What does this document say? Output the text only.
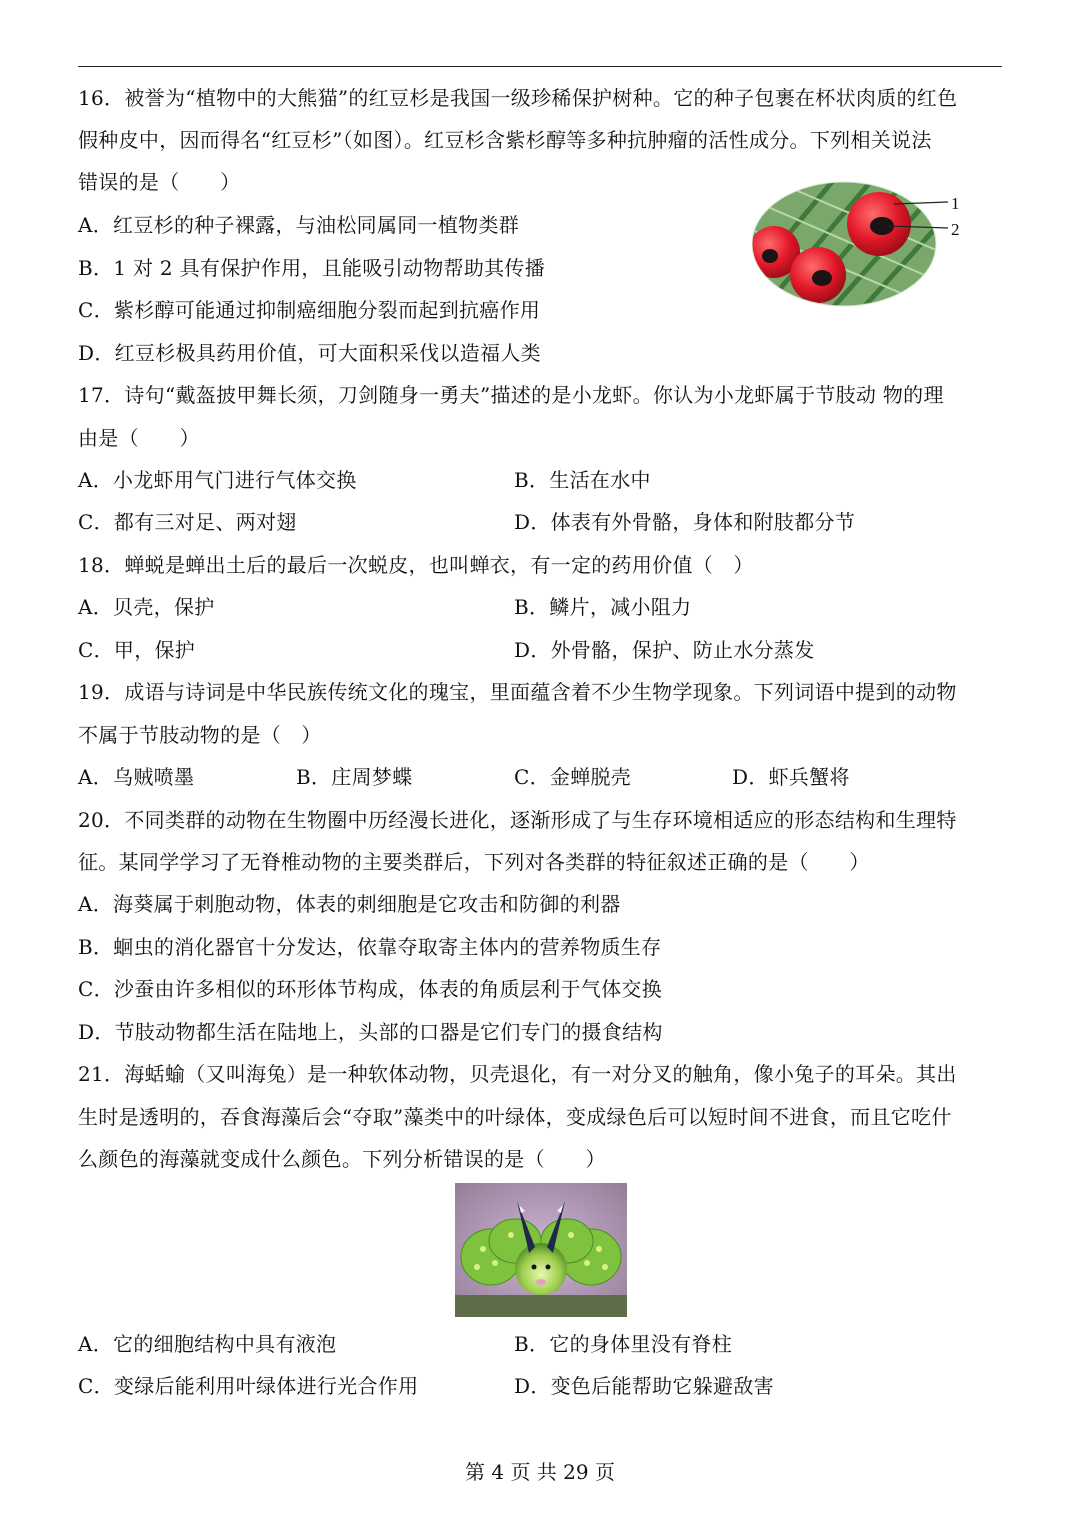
16．被誉为“植物中的大熊猫”的红豆杉是我国一级珍稀保护树种。它的种子包裹在杯状肉质的红色
假种皮中，因而得名“红豆杉”（如图）。红豆杉含紫杉醇等多种抗肿瘤的活性成分。下列相关说法
错误的是（　　）
A．红豆杉的种子裸露，与油松同属同一植物类群
B．1 对 2 具有保护作用，且能吸引动物帮助其传播
C．紫杉醇可能通过抑制癌细胞分裂而起到抗癌作用
D．红豆杉极具药用价值，可大面积采伐以造福人类
1
2
17．诗句“戴盔披甲舞长须，刀剑随身一勇夫”描述的是小龙虾。你认为小龙虾属于节肢动 物的理
由是（　　）
A．小龙虾用气门进行气体交换	B．生活在水中
C．都有三对足、两对翅	D．体表有外骨骼，身体和附肢都分节
18．蝉蜕是蝉出土后的最后一次蜕皮，也叫蝉衣，有一定的药用价值（　）
A．贝壳，保护	B．鳞片，减小阻力
C．甲，保护	D．外骨骼，保护、防止水分蒸发
19．成语与诗词是中华民族传统文化的瑰宝，里面蕴含着不少生物学现象。下列词语中提到的动物
不属于节肢动物的是（　）
A．乌贼喷墨	B．庄周梦蝶	C．金蝉脱壳	D．虾兵蟹将
20．不同类群的动物在生物圈中历经漫长进化，逐渐形成了与生存环境相适应的形态结构和生理特
征。某同学学习了无脊椎动物的主要类群后，下列对各类群的特征叙述正确的是（　　）
A．海葵属于刺胞动物，体表的刺细胞是它攻击和防御的利器
B．蛔虫的消化器官十分发达，依靠夺取寄主体内的营养物质生存
C．沙蚕由许多相似的环形体节构成，体表的角质层利于气体交换
D．节肢动物都生活在陆地上，头部的口器是它们专门的摄食结构
21．海蛞蝓（又叫海兔）是一种软体动物，贝壳退化，有一对分叉的触角，像小兔子的耳朵。其出
生时是透明的，吞食海藻后会“夺取”藻类中的叶绿体，变成绿色后可以短时间不进食，而且它吃什
么颜色的海藻就变成什么颜色。下列分析错误的是（　　）
A．它的细胞结构中具有液泡	B．它的身体里没有脊柱
C．变绿后能利用叶绿体进行光合作用	D．变色后能帮助它躲避敌害
第 4 页 共 29 页
